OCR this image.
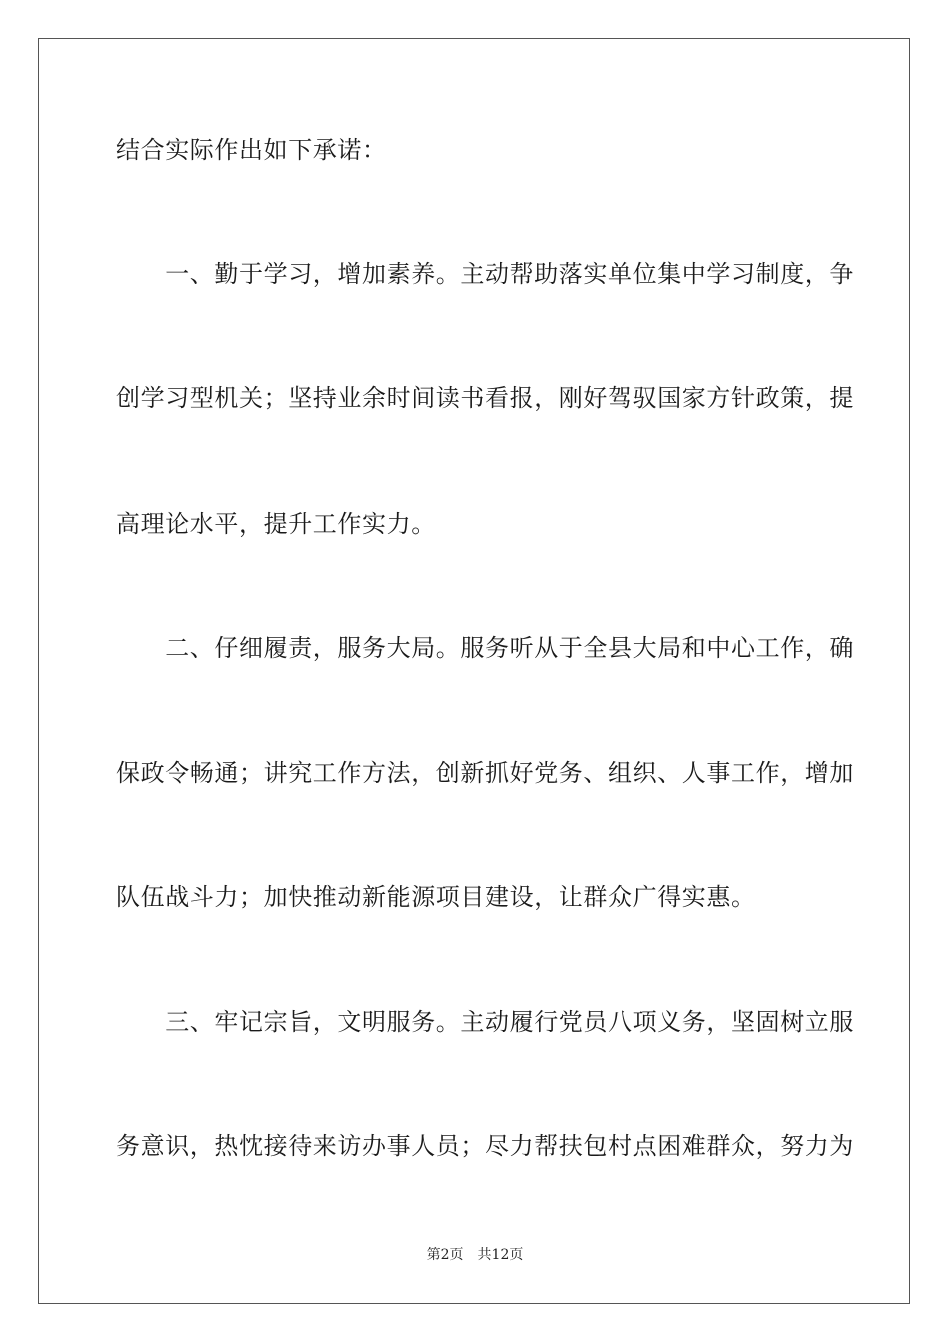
结合实际作出如下承诺：
　　一、勤于学习，增加素养。主动帮助落实单位集中学习制度，争
创学习型机关；坚持业余时间读书看报，刚好驾驭国家方针政策，提
高理论水平，提升工作实力。
　　二、仔细履责，服务大局。服务听从于全县大局和中心工作，确
保政令畅通；讲究工作方法，创新抓好党务、组织、人事工作，增加
队伍战斗力；加快推动新能源项目建设，让群众广得实惠。
　　三、牢记宗旨，文明服务。主动履行党员八项义务，坚固树立服
务意识，热忱接待来访办事人员；尽力帮扶包村点困难群众，努力为
第2页 共12页
